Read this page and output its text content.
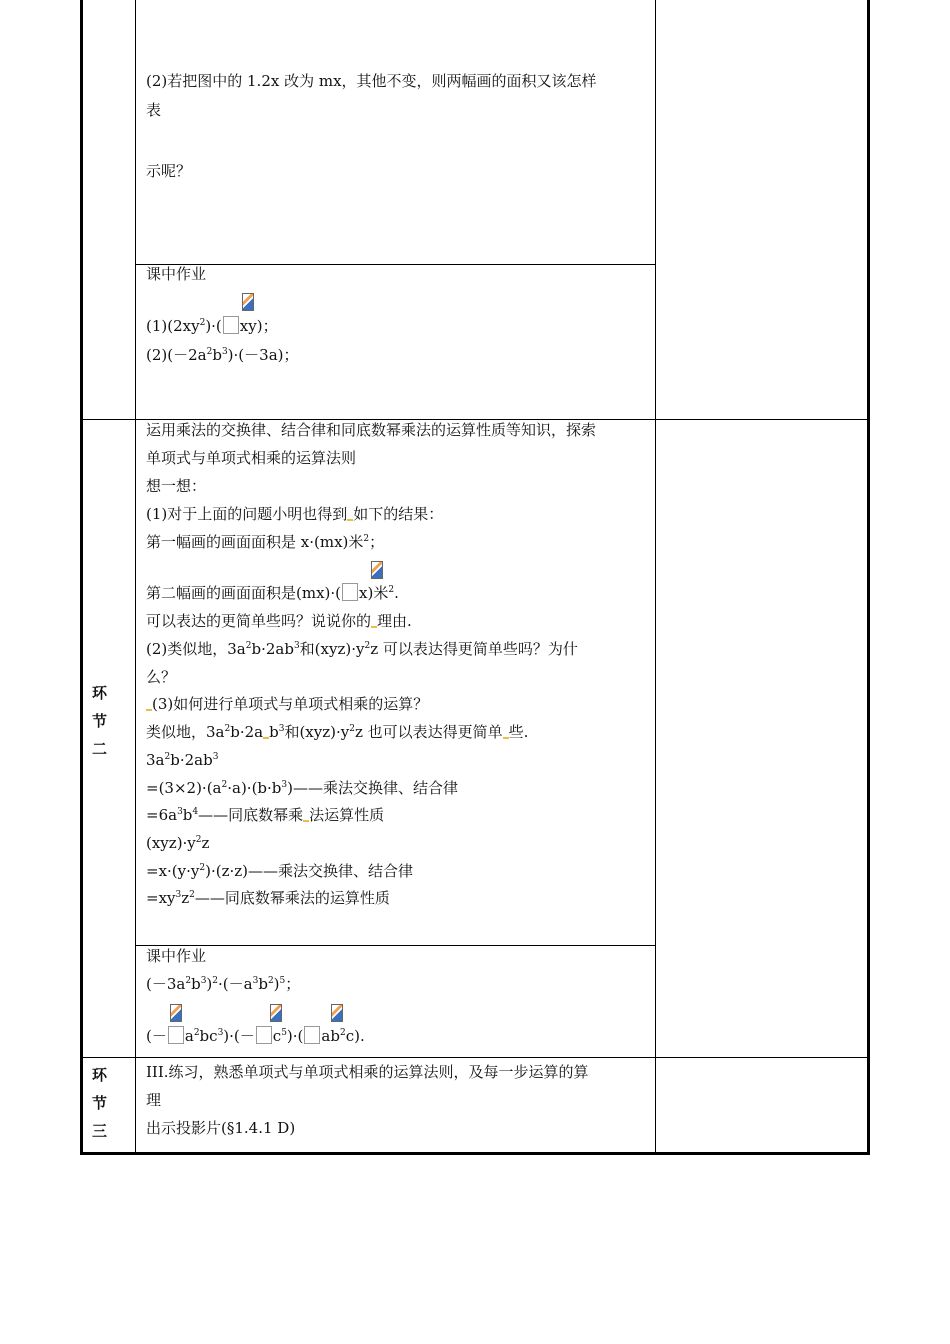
(2)若把图中的 1.2x 改为 mx，其他不变，则两幅画的面积又该怎样
表
示呢？
课中作业
$(1)(2xy^2)\cdot$( xy)；
$(2)(-2a^2b^3)\cdot(-3a)$；
环
节
二
运用乘法的交换律、结合律和同底数幂乘法的运算性质等知识，探索
单项式与单项式相乘的运算法则
想一想：
(1)对于上面的问题小明也得到 如下的结果：
第一幅画的画面面积是 x·(mx)米$^2$；
第二幅画的画面面积是(mx)·( x)米$^2$.
可以表达的更简单些吗？说说你的 理由.
(2)类似地，$3a^2b\cdot 2ab^3$和$(xyz)\cdot y^2z$ 可以表达得更简单些吗？为什
么？
(3)如何进行单项式与单项式相乘的运算？
类似地，$3a^2b\cdot 2a$ $b^3$和$(xyz)\cdot y^2z$ 也可以表达得更简单 些.
$3a^2b\cdot 2ab^3$
$=(3\times 2)\cdot(a^2\cdot a)\cdot(b\cdot b^3)——$乘法交换律、结合律
$=6a^3b^4——$同底数幂乘 法运算性质
$(xyz)\cdot y^2z$
$=x\cdot(y\cdot y^2)\cdot(z\cdot z)——$乘法交换律、结合律
$=xy^3z^2——$同底数幂乘法的运算性质
课中作业
$(-3a^2b^3)^2\cdot(-a^3b^2)^5$；
(－ $a^2bc^3)\cdot(- c^5)\cdot$( $ab^2c$).
环
节
三
III.练习，熟悉单项式与单项式相乘的运算法则，及每一步运算的算
理
出示投影片(§1.4.1 D)
